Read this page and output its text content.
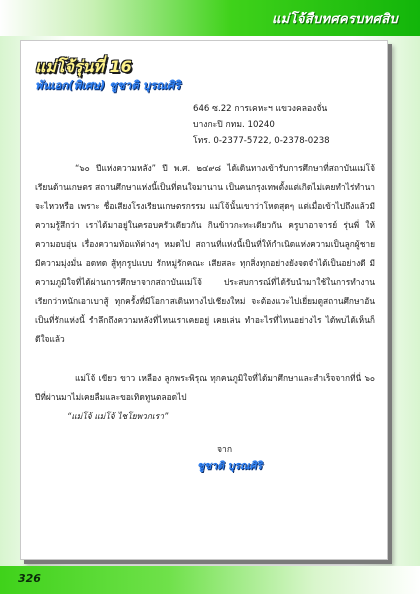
แม่โจ้สืบทศครบทศสิบ
แม่โจ้รุ่นที่ 16
พันเอก(พิเศษ) ชูชาติ บุรณศิริ
646 ซ.22 การเคหะฯ แขวงคลองจั่น
บางกะปิ กทม. 10240
โทร. 0-2377-5722, 0-2378-0238

“๖๐ ปีแห่งความหลัง” ปี พ.ศ. ๒๔๙๘ ได้เดินทางเข้ารับการศึกษาที่สถาบันแม่โจ้ เรียนด้านเกษตร สถานศึกษาแห่งนี้เป็นที่ตนใจมานาน เป็นคนกรุงเทพตั้งแต่เกิดไม่เคยทำไร่ทำนาจะไหวหรือ เพราะ ชื่อเสียงโรงเรียนเกษตรกรรม แม่โจ้นั้นเขาว่าโหดสุดๆ แต่เมื่อเข้าไปถึงแล้วมีความรู้สึกว่า เราได้มาอยู่ในครอบครัวเดียวกัน กินข้าวกะทะเดียวกัน ครูบาอาจารย์ รุ่นพี่ ให้ความอบอุ่น เรื่องความท้อแท้ต่างๆ หมดไป สถานที่แห่งนี้เป็นที่ให้กำเนิดแห่งความเป็นลูกผู้ชาย มีความมุ่งมั่น อดทด สู้ทุกรูปแบบ รักหมู่รักคณะ เสียสละ ทุกสิ่งทุกอย่างยังจดจำได้เป็นอย่างดี มีความภูมิใจที่ได้ผ่านการศึกษาจากสถาบันแม่โจ้ ประสบการณ์ที่ได้รับนำมาใช้ในการทำงาน เรียกว่าหนักเอาเบาสู้ ทุกครั้งที่มีโอกาสเดินทางไปเชียงใหม่ จะต้องแวะไปเยี่ยมดูสถานศึกษาอันเป็นที่รักแห่งนี้ รำลึกถึงความหลังที่ไหนเราเคยอยู่ เคยเล่น ทำอะไรที่ไหนอย่างไร ได้พบได้เห็นก็ดีใจแล้ว

แม่โจ้ เขียว ขาว เหลือง ลูกพระพิรุณ ทุกคนภูมิใจที่ได้มาศึกษาและสำเร็จจากที่นี่ ๖๐ ปีที่ผ่านมาไม่เคยลืมและขอเทิดทูนตลอดไป

“แม่โจ้ แม่โจ้ ไชโยพวกเรา”

จาก
ชูชาติ บุรณศิริ
326
